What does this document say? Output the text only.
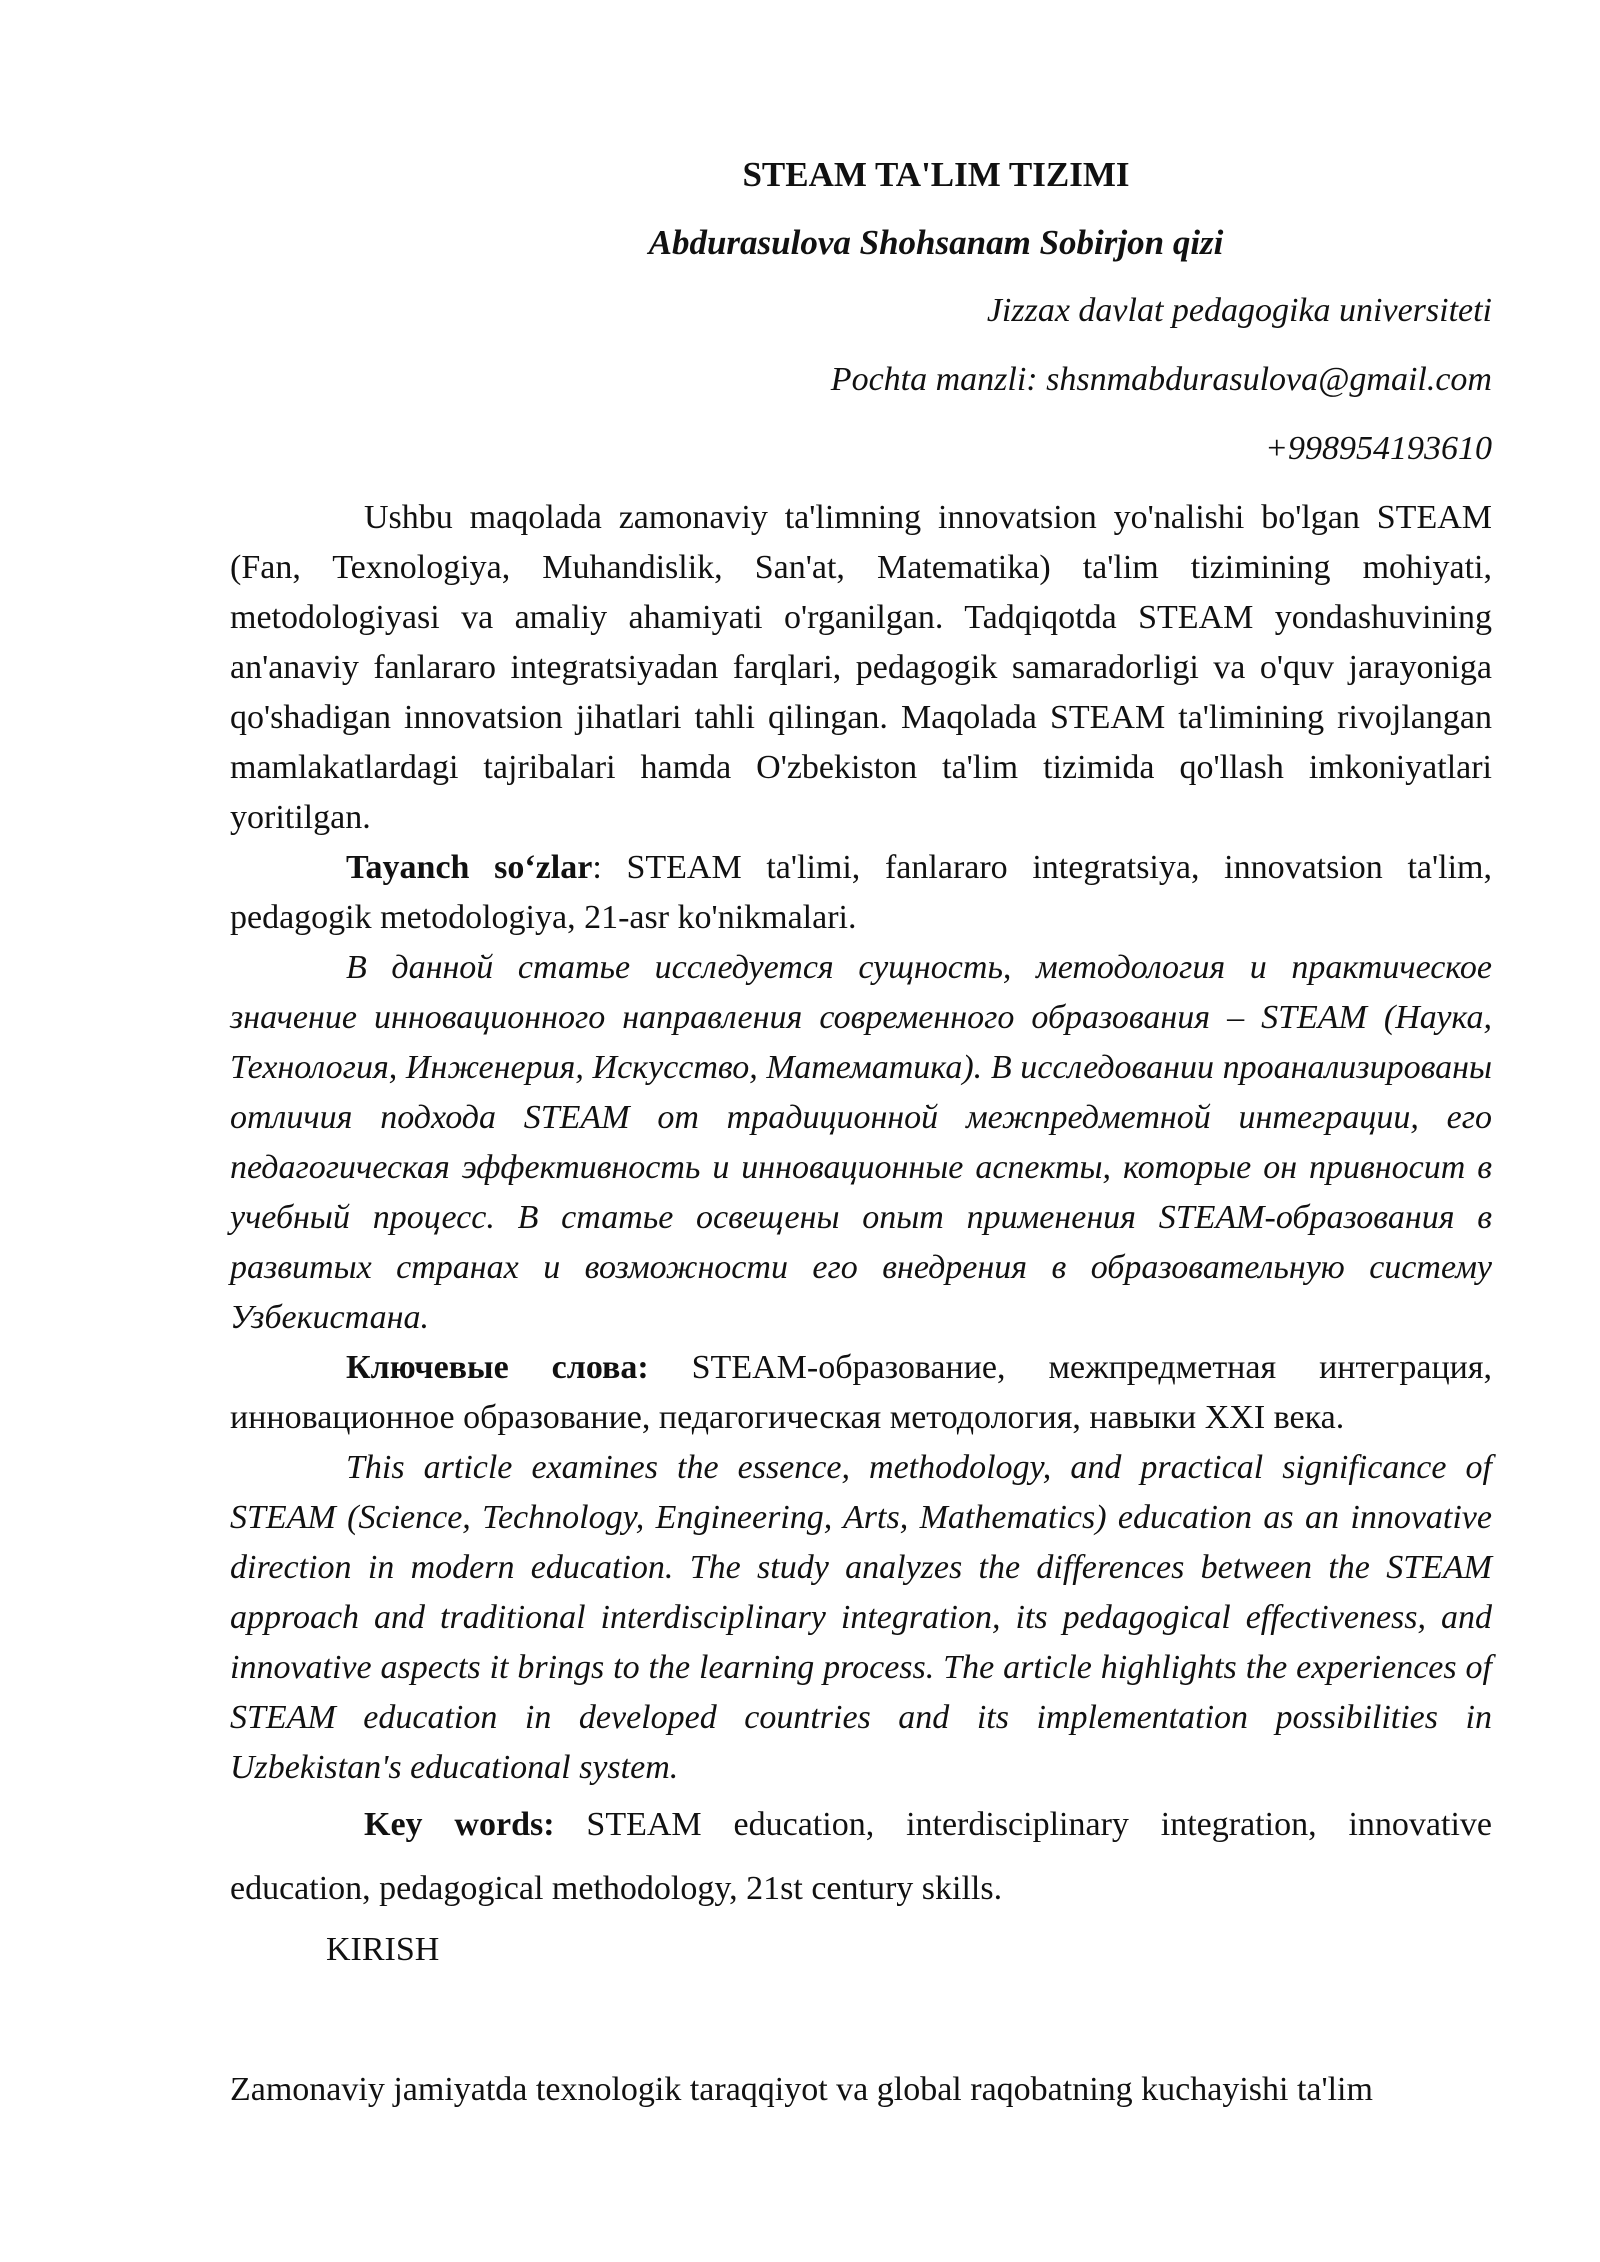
STEAM TA'LIM TIZIMI

Abdurasulova Shohsanam Sobirjon qizi

Jizzax davlat pedagogika universiteti

Pochta manzli: shsnmabdurasulova@gmail.com

+998954193610

Ushbu maqolada zamonaviy ta'limning innovatsion yo'nalishi bo'lgan STEAM (Fan, Texnologiya, Muhandislik, San'at, Matematika) ta'lim tizimining mohiyati, metodologiyasi va amaliy ahamiyati o'rganilgan. Tadqiqotda STEAM yondashuvining an'anaviy fanlararo integratsiyadan farqlari, pedagogik samaradorligi va o'quv jarayoniga qo'shadigan innovatsion jihatlari tahli qilingan. Maqolada STEAM ta'limining rivojlangan mamlakatlardagi tajribalari hamda O'zbekiston ta'lim tizimida qo'llash imkoniyatlari yoritilgan.

Tayanch so‘zlar: STEAM ta'limi, fanlararo integratsiya, innovatsion ta'lim, pedagogik metodologiya, 21-asr ko'nikmalari.

В данной статье исследуется сущность, методология и практическое значение инновационного направления современного образования – STEAM (Наука, Технология, Инженерия, Искусство, Математика). В исследовании проанализированы отличия подхода STEAM от традиционной межпредметной интеграции, его педагогическая эффективность и инновационные аспекты, которые он привносит в учебный процесс. В статье освещены опыт применения STEAM-образования в развитых странах и возможности его внедрения в образовательную систему Узбекистана.

Ключевые слова: STEAM-образование, межпредметная интеграция, инновационное образование, педагогическая методология, навыки XXI века.

This article examines the essence, methodology, and practical significance of STEAM (Science, Technology, Engineering, Arts, Mathematics) education as an innovative direction in modern education. The study analyzes the differences between the STEAM approach and traditional interdisciplinary integration, its pedagogical effectiveness, and innovative aspects it brings to the learning process. The article highlights the experiences of STEAM education in developed countries and its implementation possibilities in Uzbekistan's educational system.

Key words: STEAM education, interdisciplinary integration, innovative education, pedagogical methodology, 21st century skills.

KIRISH

Zamonaviy jamiyatda texnologik taraqqiyot va global raqobatning kuchayishi ta'lim
